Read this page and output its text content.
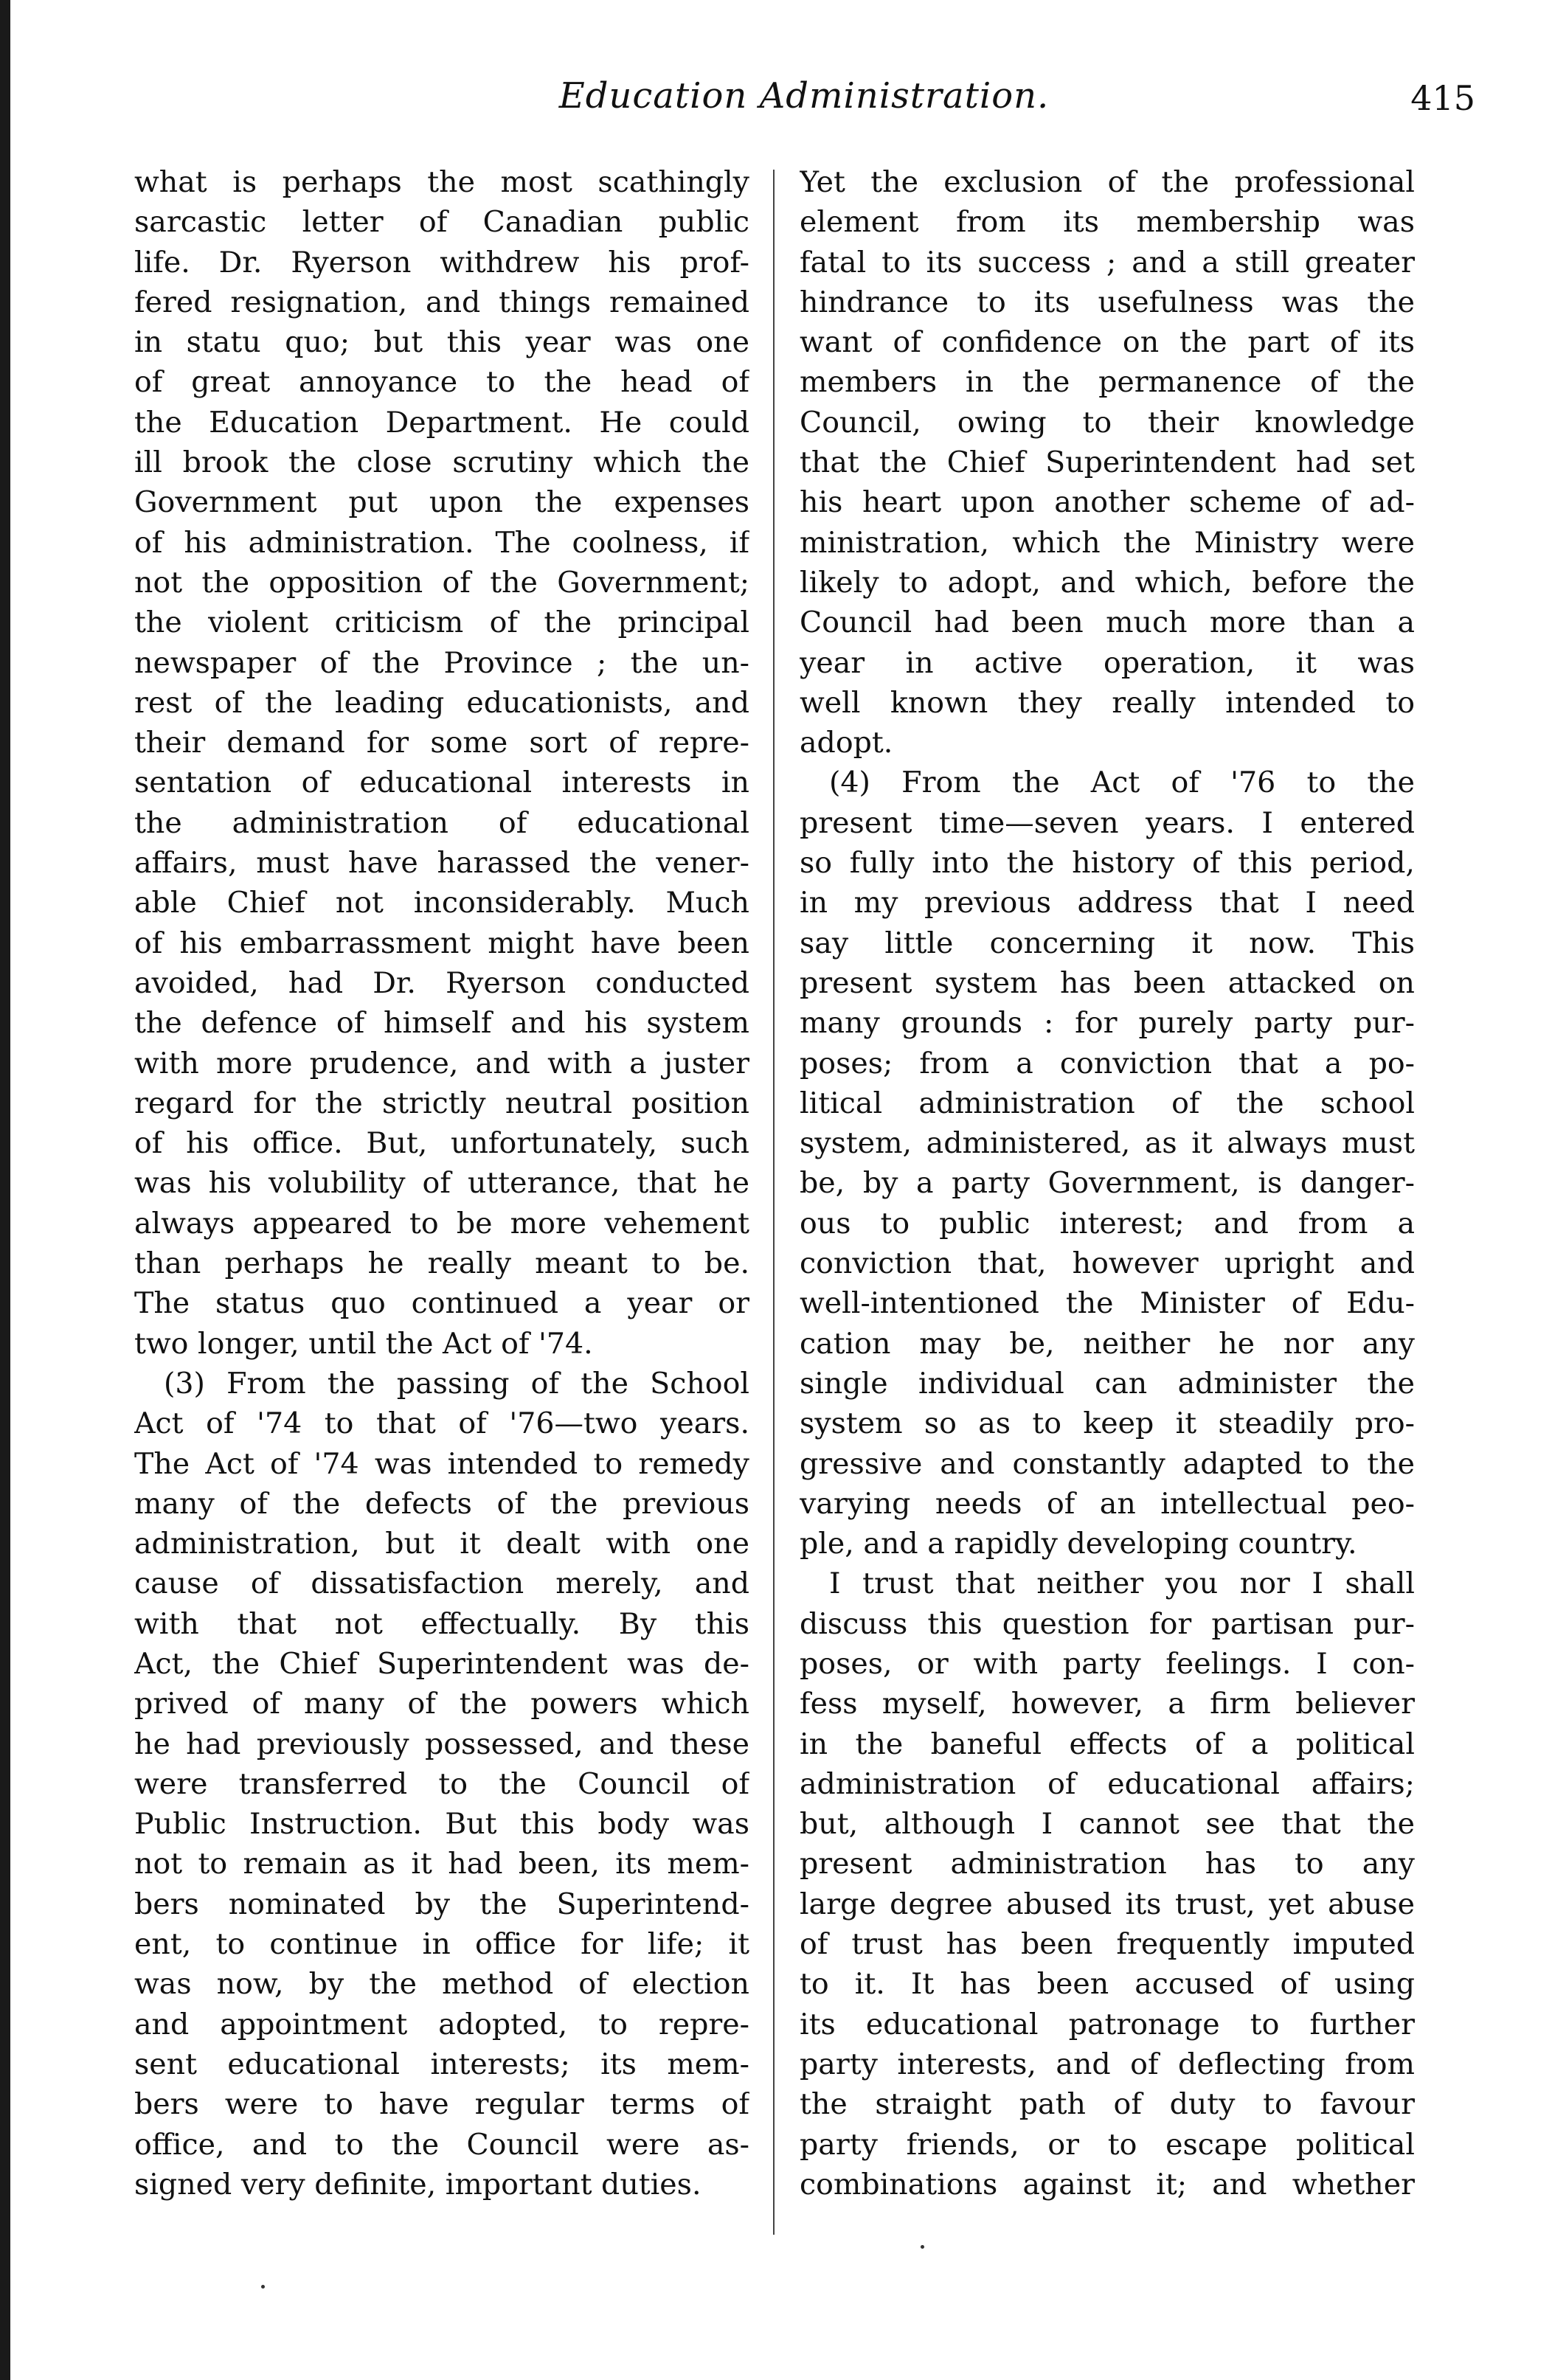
Education Administration.	415
what is perhaps the most scathingly
sarcastic letter of Canadian public
life. Dr. Ryerson withdrew his prof-
fered resignation, and things remained
in statu quo; but this year was one
of great annoyance to the head of
the Education Department. He could
ill brook the close scrutiny which the
Government put upon the expenses
of his administration. The coolness, if
not the opposition of the Government;
the violent criticism of the principal
newspaper of the Province ; the un-
rest of the leading educationists, and
their demand for some sort of repre-
sentation of educational interests in
the administration of educational
affairs, must have harassed the vener-
able Chief not inconsiderably. Much
of his embarrassment might have been
avoided, had Dr. Ryerson conducted
the defence of himself and his system
with more prudence, and with a juster
regard for the strictly neutral position
of his office. But, unfortunately, such
was his volubility of utterance, that he
always appeared to be more vehement
than perhaps he really meant to be.
The status quo continued a year or
two longer, until the Act of '74.
(3) From the passing of the School
Act of '74 to that of '76—two years.
The Act of '74 was intended to remedy
many of the defects of the previous
administration, but it dealt with one
cause of dissatisfaction merely, and
with that not effectually. By this
Act, the Chief Superintendent was de-
prived of many of the powers which
he had previously possessed, and these
were transferred to the Council of
Public Instruction. But this body was
not to remain as it had been, its mem-
bers nominated by the Superintend-
ent, to continue in office for life; it
was now, by the method of election
and appointment adopted, to repre-
sent educational interests; its mem-
bers were to have regular terms of
office, and to the Council were as-
signed very definite, important duties.
Yet the exclusion of the professional
element from its membership was
fatal to its success ; and a still greater
hindrance to its usefulness was the
want of confidence on the part of its
members in the permanence of the
Council, owing to their knowledge
that the Chief Superintendent had set
his heart upon another scheme of ad-
ministration, which the Ministry were
likely to adopt, and which, before the
Council had been much more than a
year in active operation, it was
well known they really intended to
adopt.
(4) From the Act of '76 to the
present time—seven years. I entered
so fully into the history of this period,
in my previous address that I need
say little concerning it now. This
present system has been attacked on
many grounds : for purely party pur-
poses; from a conviction that a po-
litical administration of the school
system, administered, as it always must
be, by a party Government, is danger-
ous to public interest; and from a
conviction that, however upright and
well-intentioned the Minister of Edu-
cation may be, neither he nor any
single individual can administer the
system so as to keep it steadily pro-
gressive and constantly adapted to the
varying needs of an intellectual peo-
ple, and a rapidly developing country.
I trust that neither you nor I shall
discuss this question for partisan pur-
poses, or with party feelings. I con-
fess myself, however, a firm believer
in the baneful effects of a political
administration of educational affairs;
but, although I cannot see that the
present administration has to any
large degree abused its trust, yet abuse
of trust has been frequently imputed
to it. It has been accused of using
its educational patronage to further
party interests, and of deflecting from
the straight path of duty to favour
party friends, or to escape political
combinations against it; and whether
